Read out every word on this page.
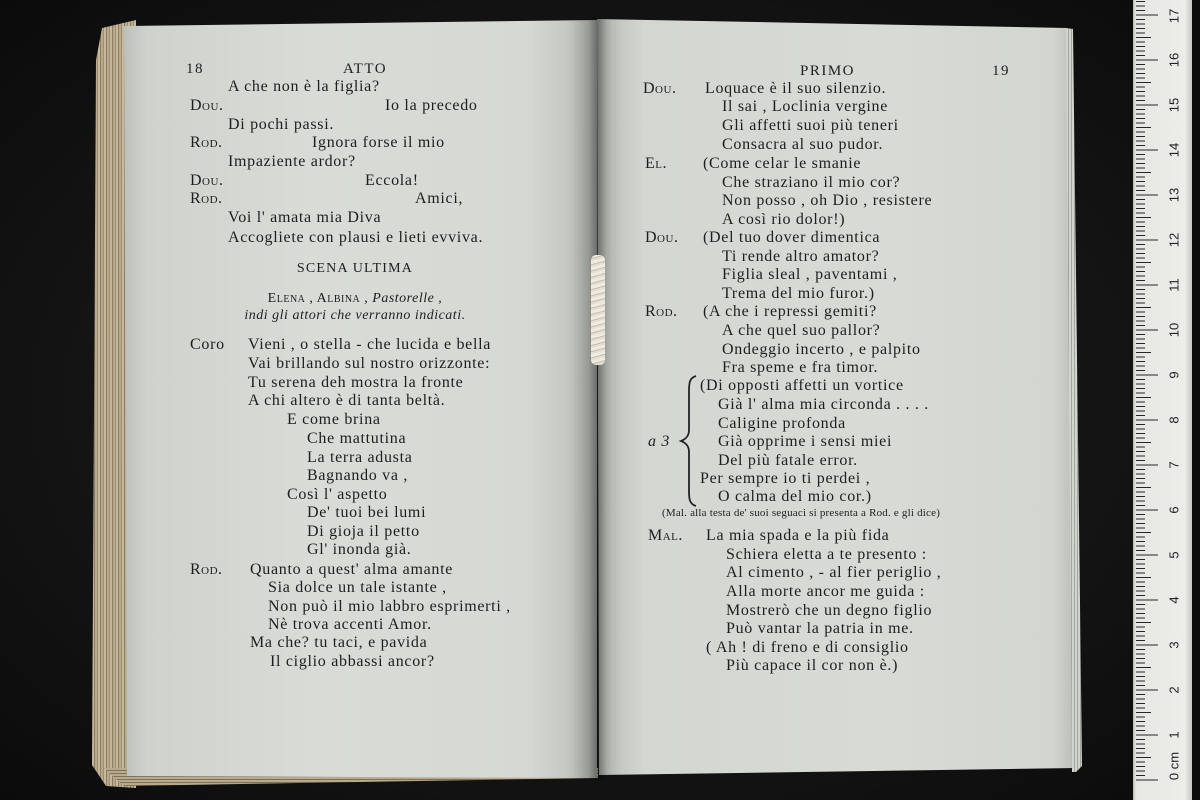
18	ATTO
A che non è la figlia?
Dou.	Io la precedo
Di pochi passi.
Rod.	Ignora forse il mio
Impaziente ardor?
Dou.	Eccola!
Rod.	Amici,
Voi l' amata mia Diva
Accogliete con plausi e lieti evviva.
SCENA ULTIMA
Elena , Albina , Pastorelle ,
indi gli attori che verranno indicati.
Coro Vieni , o stella - che lucida e bella
Vai brillando sul nostro orizzonte:
Tu serena deh mostra la fronte
A chi altero è di tanta beltà.
E come brina
Che mattutina
La terra adusta
Bagnando va ,
Così l' aspetto
De' tuoi bei lumi
Di gioja il petto
Gl' inonda già.
Rod. Quanto a quest' alma amante
Sia dolce un tale istante ,
Non può il mio labbro esprimerti ,
Nè trova accenti Amor.
Ma che? tu taci, e pavida
Il ciglio abbassi ancor?
PRIMO	19
Dou. Loquace è il suo silenzio.
Il sai , Loclinia vergine
Gli affetti suoi più teneri
Consacra al suo pudor.
El. (Come celar le smanie
Che straziano il mio cor?
Non posso , oh Dio , resistere
A così rio dolor!)
Dou. (Del tuo dover dimentica
Ti rende altro amator?
Figlia sleal , paventami ,
Trema del mio furor.)
Rod. (A che i repressi gemiti?
A che quel suo pallor?
Ondeggio incerto , e palpito
Fra speme e fra timor.
(Di opposti affetti un vortice
Già l' alma mia circonda . . . .
Caligine profonda
a 3	Già opprime i sensi miei
Del più fatale error.
Per sempre io ti perdei ,
O calma del mio cor.)
(Mal. alla testa de' suoi seguaci si presenta a Rod. e gli dice)
Mal. La mia spada e la più fida
Schiera eletta a te presento :
Al cimento , - al fier periglio ,
Alla morte ancor me guida :
Mostrerò che un degno figlio
Può vantar la patria in me.
( Ah ! di freno e di consiglio
Più capace il cor non è.)
0 cm
1
2
3
4
5
6
7
8
9
10
11
12
13
14
15
16
17
